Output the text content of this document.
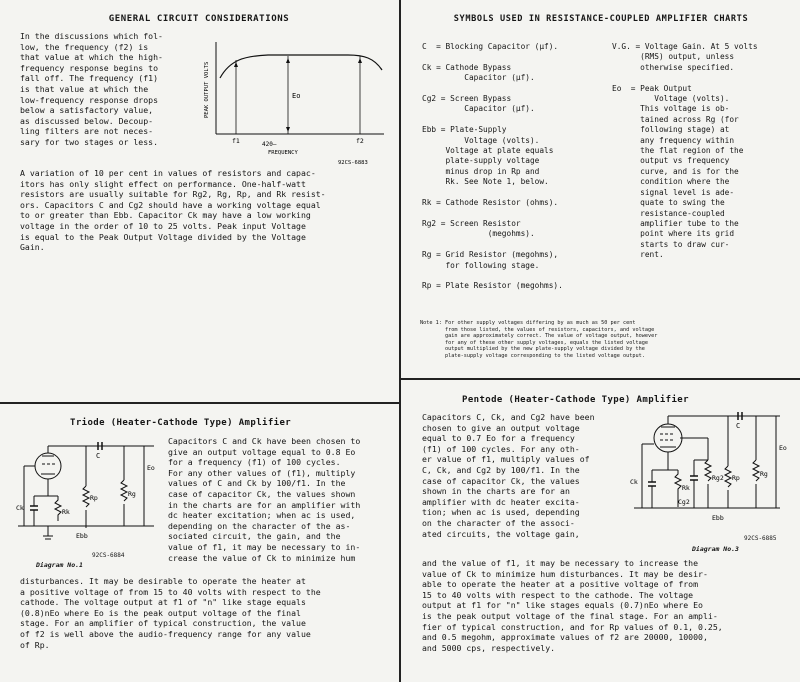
GENERAL CIRCUIT CONSIDERATIONS

In the discussions which fol-
low, the frequency (f2) is
that value at which the high-
frequency response begins to
fall off. The frequency (f1)
is that value at which the
low-frequency response drops
below a satisfactory value,
as discussed below. Decoup-
ling filters are not neces-
sary for two stages or less.

PEAK OUTPUT VOLTS	Eo
f1	f2
420—
FREQUENCY
92CS-6883

A variation of 10 per cent in values of resistors and capac-
itors has only slight effect on performance. One-half-watt
resistors are usually suitable for Rg2, Rg, Rp, and Rk resist-
ors. Capacitors C and Cg2 should have a working voltage equal
to or greater than Ebb. Capacitor Ck may have a low working
voltage in the order of 10 to 25 volts. Peak input Voltage
is equal to the Peak Output Voltage divided by the Voltage
Gain.

Triode (Heater-Cathode Type) Amplifier
C
Rp	Rg
Eo
Ck	Rk
Ebb
92CS-6884
Diagram No.1

Capacitors C and Ck have been chosen to
give an output voltage equal to 0.8 Eo
for a frequency (f1) of 100 cycles.
For any other values of (f1), multiply
values of C and Ck by 100/f1. In the
case of capacitor Ck, the values shown
in the charts are for an amplifier with
dc heater excitation; when ac is used,
depending on the character of the as-
sociated circuit, the gain, and the
value of f1, it may be necessary to in-
crease the value of Ck to minimize hum

disturbances. It may be desirable to operate the heater at
a positive voltage of from 15 to 40 volts with respect to the
cathode. The voltage output at f1 of "n" like stage equals
(0.8)nEo where Eo is the peak output voltage of the final
stage. For an amplifier of typical construction, the value
of f2 is well above the audio-frequency range for any value
of Rp.

SYMBOLS USED IN RESISTANCE-COUPLED AMPLIFIER CHARTS

C  = Blocking Capacitor (µf).

Ck = Cathode Bypass
Capacitor (µf).

Cg2 = Screen Bypass
Capacitor (µf).

Ebb = Plate-Supply
Voltage (volts).
Voltage at plate equals
plate-supply voltage
minus drop in Rp and
Rk. See Note 1, below.

Rk = Cathode Resistor (ohms).

Rg2 = Screen Resistor
(megohms).

Rg = Grid Resistor (megohms),
for following stage.

Rp = Plate Resistor (megohms).

V.G. = Voltage Gain. At 5 volts
(RMS) output, unless
otherwise specified.

Eo  = Peak Output
Voltage (volts).
This voltage is ob-
tained across Rg (for
following stage) at
any frequency within
the flat region of the
output vs frequency
curve, and is for the
condition where the
signal level is ade-
quate to swing the
resistance-coupled
amplifier tube to the
point where its grid
starts to draw cur-
rent.

Note 1: For other supply voltages differing by as much as 50 per cent
from those listed, the values of resistors, capacitors, and voltage
gain are approximately correct. The value of voltage output, however
for any of these other supply voltages, equals the listed voltage
output multiplied by the new plate-supply voltage divided by the
plate-supply voltage corresponding to the listed voltage output.

Pentode (Heater-Cathode Type) Amplifier

Capacitors C, Ck, and Cg2 have been
chosen to give an output voltage
equal to 0.7 Eo for a frequency
(f1) of 100 cycles. For any oth-
er value of f1, multiply values of
C, Ck, and Cg2 by 100/f1. In the
case of capacitor Ck, the values
shown in the charts are for an
amplifier with dc heater excita-
tion; when ac is used, depending
on the character of the associ-
ated circuits, the voltage gain,

C
Rg2 Rp	Rg
Eo
Ck
Rk
Cg2
Ebb
92CS-6885
Diagram No.3

and the value of f1, it may be necessary to increase the
value of Ck to minimize hum disturbances. It may be desir-
able to operate the heater at a positive voltage of from
15 to 40 volts with respect to the cathode. The voltage
output at f1 for "n" like stages equals (0.7)nEo where Eo
is the peak output voltage of the final stage. For an ampli-
fier of typical construction, and for Rp values of 0.1, 0.25,
and 0.5 megohm, approximate values of f2 are 20000, 10000,
and 5000 cps, respectively.
